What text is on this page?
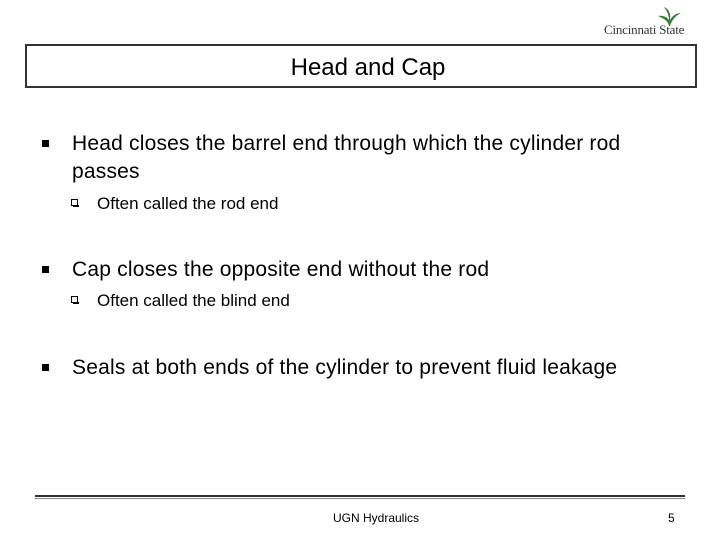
Cincinnati State
Head and Cap
Head closes the barrel end through which the cylinder rod passes
Often called the rod end
Cap closes the opposite end without the rod
Often called the blind end
Seals at both ends of the cylinder to prevent fluid leakage
UGN Hydraulics	5
